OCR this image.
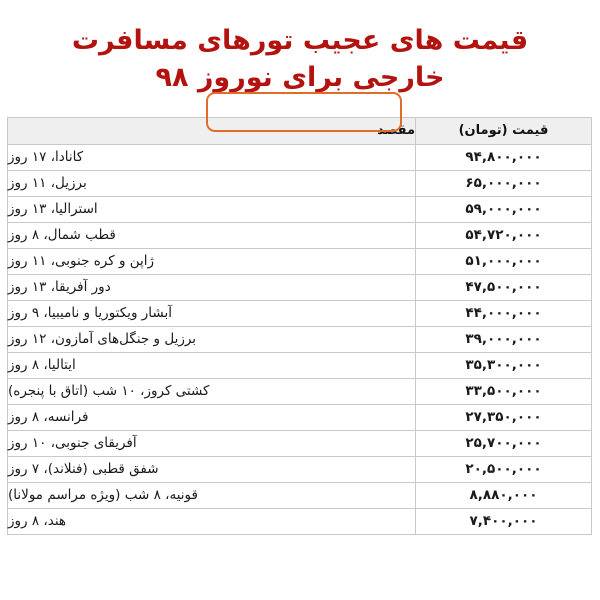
قیمت های عجیب تورهای مسافرت
خارجی برای نوروز ۹۸
قیمت (تومان)	مقصد
۹۴,۸۰۰,۰۰۰	کانادا، ۱۷ روز
۶۵,۰۰۰,۰۰۰	برزیل، ۱۱ روز
۵۹,۰۰۰,۰۰۰	استرالیا، ۱۳ روز
۵۴,۷۲۰,۰۰۰	قطب شمال، ۸ روز
۵۱,۰۰۰,۰۰۰	ژاپن و کره جنوبی، ۱۱ روز
۴۷,۵۰۰,۰۰۰	دور آفریقا، ۱۳ روز
۴۴,۰۰۰,۰۰۰	آبشار ویکتوریا و نامیبیا، ۹ روز
۳۹,۰۰۰,۰۰۰	برزیل و جنگل‌های آمازون، ۱۲ روز
۳۵,۳۰۰,۰۰۰	ایتالیا، ۸ روز
۳۳,۵۰۰,۰۰۰	کشتی کروز، ۱۰ شب (اتاق با پنجره)
۲۷,۳۵۰,۰۰۰	فرانسه، ۸ روز
۲۵,۷۰۰,۰۰۰	آفریقای جنوبی، ۱۰ روز
۲۰,۵۰۰,۰۰۰	شفق قطبی (فنلاند)، ۷ روز
۸,۸۸۰,۰۰۰	قونیه، ۸ شب (ویژه مراسم مولانا)
۷,۴۰۰,۰۰۰	هند، ۸ روز
